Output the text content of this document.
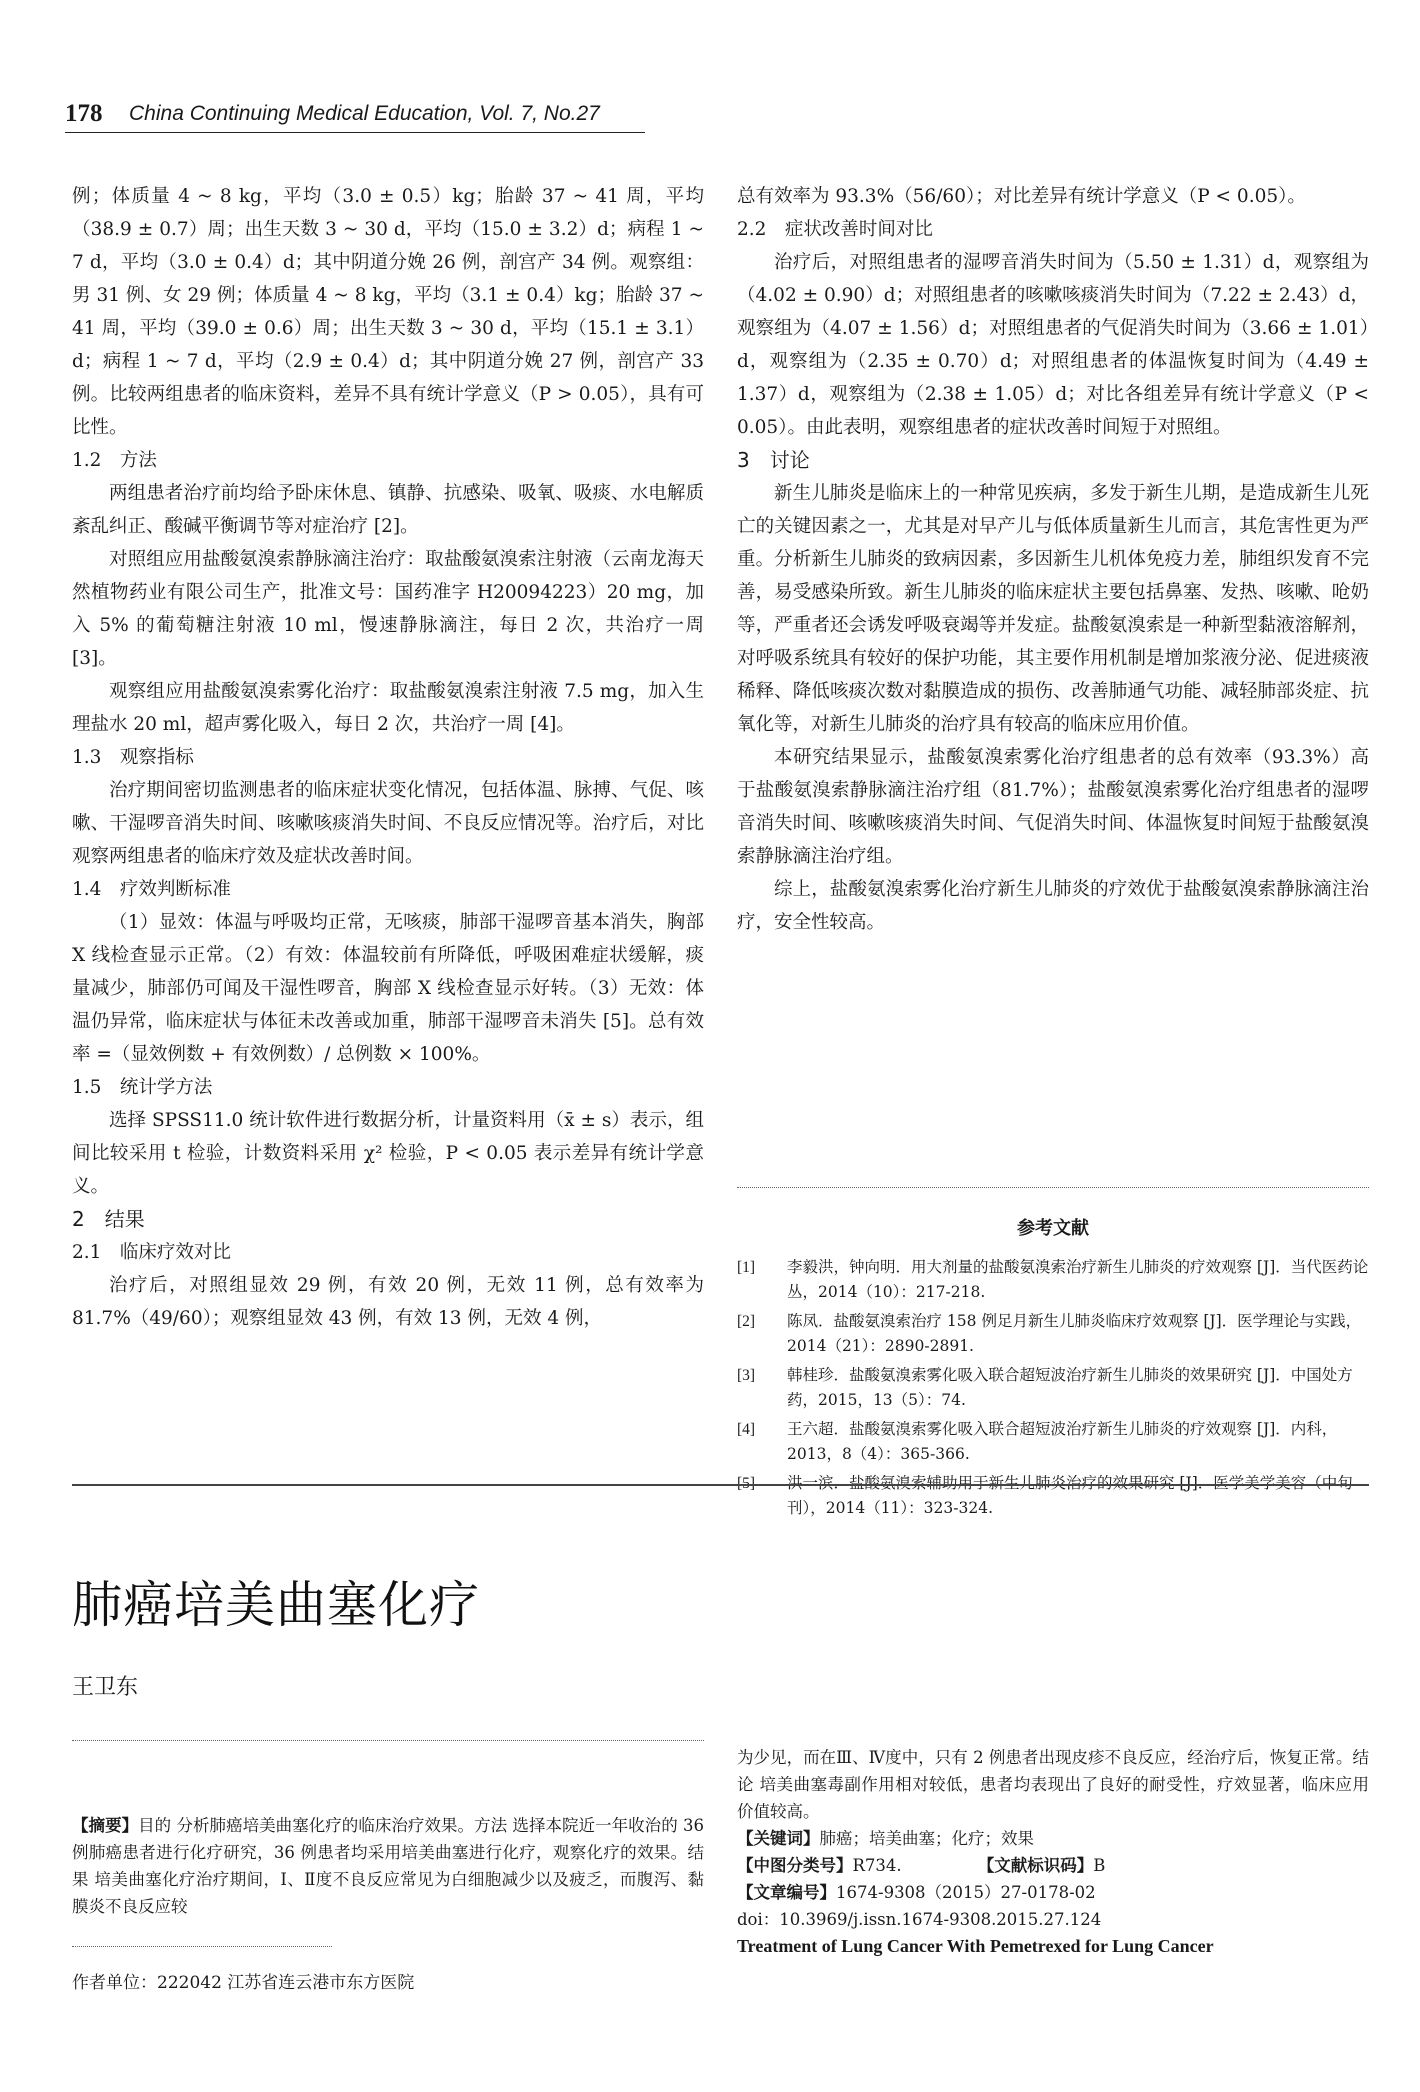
178 China Continuing Medical Education, Vol. 7, No.27

例；体质量 4 ~ 8 kg，平均（3.0 ± 0.5）kg；胎龄 37 ~ 41 周，平均（38.9 ± 0.7）周；出生天数 3 ~ 30 d，平均（15.0 ± 3.2）d；病程 1 ~ 7 d，平均（3.0 ± 0.4）d；其中阴道分娩 26 例，剖宫产 34 例。观察组：男 31 例、女 29 例；体质量 4 ~ 8 kg，平均（3.1 ± 0.4）kg；胎龄 37 ~ 41 周，平均（39.0 ± 0.6）周；出生天数 3 ~ 30 d，平均（15.1 ± 3.1）d；病程 1 ~ 7 d，平均（2.9 ± 0.4）d；其中阴道分娩 27 例，剖宫产 33 例。比较两组患者的临床资料，差异不具有统计学意义（P > 0.05），具有可比性。

1.2　方法

两组患者治疗前均给予卧床休息、镇静、抗感染、吸氧、吸痰、水电解质紊乱纠正、酸碱平衡调节等对症治疗 [2]。

对照组应用盐酸氨溴索静脉滴注治疗：取盐酸氨溴索注射液（云南龙海天然植物药业有限公司生产，批准文号：国药准字 H20094223）20 mg，加入 5% 的葡萄糖注射液 10 ml，慢速静脉滴注，每日 2 次，共治疗一周 [3]。

观察组应用盐酸氨溴索雾化治疗：取盐酸氨溴索注射液 7.5 mg，加入生理盐水 20 ml，超声雾化吸入，每日 2 次，共治疗一周 [4]。

1.3　观察指标

治疗期间密切监测患者的临床症状变化情况，包括体温、脉搏、气促、咳嗽、干湿啰音消失时间、咳嗽咳痰消失时间、不良反应情况等。治疗后，对比观察两组患者的临床疗效及症状改善时间。

1.4　疗效判断标准

（1）显效：体温与呼吸均正常，无咳痰，肺部干湿啰音基本消失，胸部 X 线检查显示正常。（2）有效：体温较前有所降低，呼吸困难症状缓解，痰量减少，肺部仍可闻及干湿性啰音，胸部 X 线检查显示好转。（3）无效：体温仍异常，临床症状与体征未改善或加重，肺部干湿啰音未消失 [5]。总有效率 =（显效例数 + 有效例数）/ 总例数 × 100%。

1.5　统计学方法

选择 SPSS11.0 统计软件进行数据分析，计量资料用（x̄ ± s）表示，组间比较采用 t 检验，计数资料采用 χ² 检验，P < 0.05 表示差异有统计学意义。

2　结果
2.1　临床疗效对比

治疗后，对照组显效 29 例，有效 20 例，无效 11 例，总有效率为 81.7%（49/60）；观察组显效 43 例，有效 13 例，无效 4 例，

总有效率为 93.3%（56/60）；对比差异有统计学意义（P < 0.05）。

2.2　症状改善时间对比

治疗后，对照组患者的湿啰音消失时间为（5.50 ± 1.31）d，观察组为（4.02 ± 0.90）d；对照组患者的咳嗽咳痰消失时间为（7.22 ± 2.43）d，观察组为（4.07 ± 1.56）d；对照组患者的气促消失时间为（3.66 ± 1.01）d，观察组为（2.35 ± 0.70）d；对照组患者的体温恢复时间为（4.49 ± 1.37）d，观察组为（2.38 ± 1.05）d；对比各组差异有统计学意义（P < 0.05）。由此表明，观察组患者的症状改善时间短于对照组。

3　讨论

新生儿肺炎是临床上的一种常见疾病，多发于新生儿期，是造成新生儿死亡的关键因素之一，尤其是对早产儿与低体质量新生儿而言，其危害性更为严重。分析新生儿肺炎的致病因素，多因新生儿机体免疫力差，肺组织发育不完善，易受感染所致。新生儿肺炎的临床症状主要包括鼻塞、发热、咳嗽、呛奶等，严重者还会诱发呼吸衰竭等并发症。盐酸氨溴索是一种新型黏液溶解剂，对呼吸系统具有较好的保护功能，其主要作用机制是增加浆液分泌、促进痰液稀释、降低咳痰次数对黏膜造成的损伤、改善肺通气功能、减轻肺部炎症、抗氧化等，对新生儿肺炎的治疗具有较高的临床应用价值。

本研究结果显示，盐酸氨溴索雾化治疗组患者的总有效率（93.3%）高于盐酸氨溴索静脉滴注治疗组（81.7%）；盐酸氨溴索雾化治疗组患者的湿啰音消失时间、咳嗽咳痰消失时间、气促消失时间、体温恢复时间短于盐酸氨溴索静脉滴注治疗组。

综上，盐酸氨溴索雾化治疗新生儿肺炎的疗效优于盐酸氨溴索静脉滴注治疗，安全性较高。

参考文献

[1]	李毅洪，钟向明．用大剂量的盐酸氨溴索治疗新生儿肺炎的疗效观察 [J]．当代医药论丛，2014（10）：217-218.
[2]	陈凤．盐酸氨溴索治疗 158 例足月新生儿肺炎临床疗效观察 [J]．医学理论与实践，2014（21）：2890-2891.
[3]	韩桂珍．盐酸氨溴索雾化吸入联合超短波治疗新生儿肺炎的效果研究 [J]．中国处方药，2015，13（5）：74.
[4]	王六超．盐酸氨溴索雾化吸入联合超短波治疗新生儿肺炎的疗效观察 [J]．内科，2013，8（4）：365-366.
[5]	洪一滨．盐酸氨溴索辅助用于新生儿肺炎治疗的效果研究 [J]．医学美学美容（中旬刊），2014（11）：323-324.
肺癌培美曲塞化疗
王卫东
【摘要】目的 分析肺癌培美曲塞化疗的临床治疗效果。方法 选择本院近一年收治的 36 例肺癌患者进行化疗研究，36 例患者均采用培美曲塞进行化疗，观察化疗的效果。结果 培美曲塞化疗治疗期间，Ⅰ、Ⅱ度不良反应常见为白细胞减少以及疲乏，而腹泻、黏膜炎不良反应较
作者单位：222042 江苏省连云港市东方医院
为少见，而在Ⅲ、Ⅳ度中，只有 2 例患者出现皮疹不良反应，经治疗后，恢复正常。结论 培美曲塞毒副作用相对较低，患者均表现出了良好的耐受性，疗效显著，临床应用价值较高。
【关键词】肺癌；培美曲塞；化疗；效果
【中图分类号】R734.	【文献标识码】B
【文章编号】1674-9308（2015）27-0178-02
doi：10.3969/j.issn.1674-9308.2015.27.124
Treatment of Lung Cancer With Pemetrexed for Lung Cancer
